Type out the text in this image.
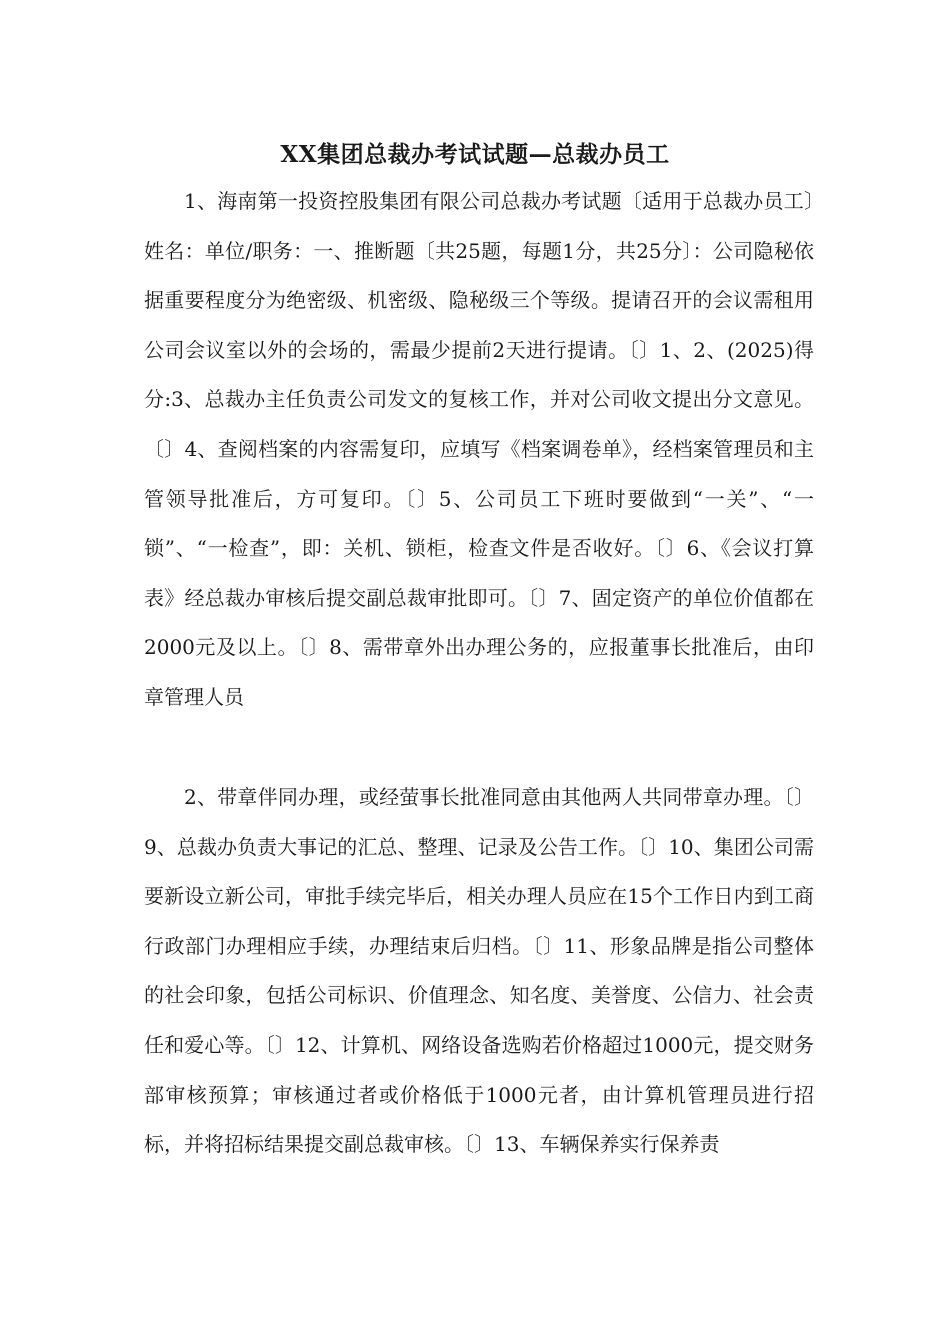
XX集团总裁办考试试题—总裁办员工

1、海南第一投资控股集团有限公司总裁办考试题〔适用于总裁办员工〕姓名：单位/职务：一、推断题〔共25题，每题1分，共25分〕：公司隐秘依据重要程度分为绝密级、机密级、隐秘级三个等级。提请召开的会议需租用公司会议室以外的会场的，需最少提前2天进行提请。〔〕1、2、(2025)得分:3、总裁办主任负责公司发文的复核工作，并对公司收文提出分文意见。〔〕4、查阅档案的内容需复印，应填写《档案调卷单》，经档案管理员和主管领导批准后，方可复印。〔〕5、公司员工下班时要做到“一关”、“一锁”、“一检查”，即：关机、锁柜，检查文件是否收好。〔〕6、《会议打算表》经总裁办审核后提交副总裁审批即可。〔〕7、固定资产的单位价值都在2000元及以上。〔〕8、需带章外出办理公务的，应报董事长批准后，由印章管理人员

2、带章伴同办理，或经萤事长批准同意由其他两人共同带章办理。〔〕9、总裁办负责大事记的汇总、整理、记录及公告工作。〔〕10、集团公司需要新设立新公司，审批手续完毕后，相关办理人员应在15个工作日内到工商行政部门办理相应手续，办理结束后归档。〔〕11、形象品牌是指公司整体的社会印象，包括公司标识、价值理念、知名度、美誉度、公信力、社会责任和爱心等。〔〕12、计算机、网络设备选购若价格超过1000元，提交财务部审核预算；审核通过者或价格低于1000元者，由计算机管理员进行招标，并将招标结果提交副总裁审核。〔〕13、车辆保养实行保养责
